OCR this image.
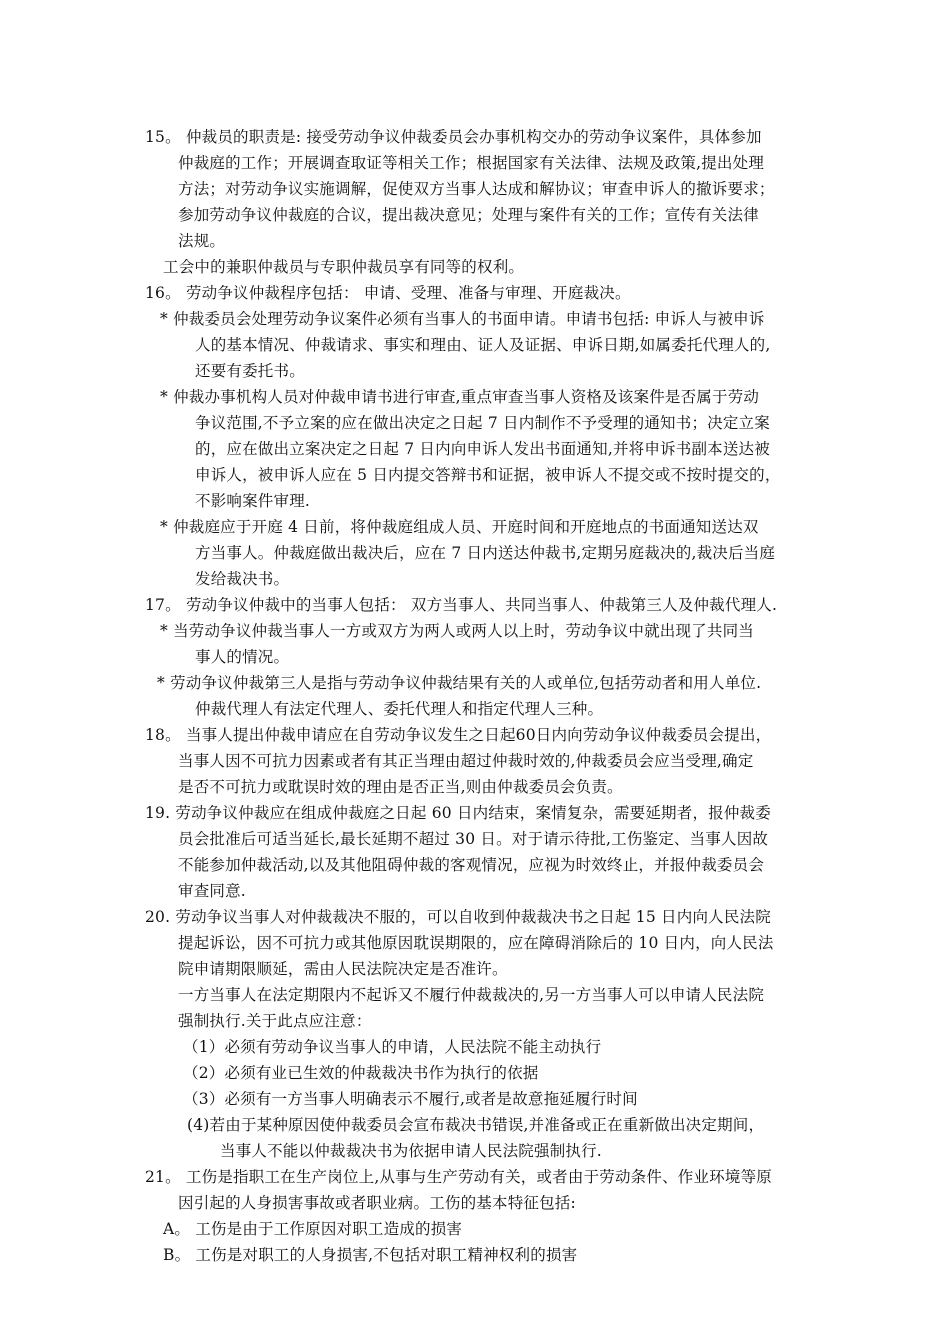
15。 仲裁员的职责是: 接受劳动争议仲裁委员会办事机构交办的劳动争议案件，具体参加
仲裁庭的工作；开展调查取证等相关工作；根据国家有关法律、法规及政策,提出处理
方法；对劳动争议实施调解，促使双方当事人达成和解协议；审查申诉人的撤诉要求；
参加劳动争议仲裁庭的合议，提出裁决意见；处理与案件有关的工作；宣传有关法律
法规。
工会中的兼职仲裁员与专职仲裁员享有同等的权利。
16。 劳动争议仲裁程序包括： 申请、受理、准备与审理、开庭裁决。
* 仲裁委员会处理劳动争议案件必须有当事人的书面申请。申请书包括: 申诉人与被申诉
人的基本情况、仲裁请求、事实和理由、证人及证据、申诉日期,如属委托代理人的,
还要有委托书。
* 仲裁办事机构人员对仲裁申请书进行审查,重点审查当事人资格及该案件是否属于劳动
争议范围,不予立案的应在做出决定之日起 7 日内制作不予受理的通知书；决定立案
的，应在做出立案决定之日起 7 日内向申诉人发出书面通知,并将申诉书副本送达被
申诉人，被申诉人应在 5 日内提交答辩书和证据，被申诉人不提交或不按时提交的，
不影响案件审理.
* 仲裁庭应于开庭 4 日前，将仲裁庭组成人员、开庭时间和开庭地点的书面通知送达双
方当事人。仲裁庭做出裁决后，应在 7 日内送达仲裁书,定期另庭裁决的,裁决后当庭
发给裁决书。
17。 劳动争议仲裁中的当事人包括： 双方当事人、共同当事人、仲裁第三人及仲裁代理人.
* 当劳动争议仲裁当事人一方或双方为两人或两人以上时，劳动争议中就出现了共同当
事人的情况。
* 劳动争议仲裁第三人是指与劳动争议仲裁结果有关的人或单位,包括劳动者和用人单位.
仲裁代理人有法定代理人、委托代理人和指定代理人三种。
18。 当事人提出仲裁申请应在自劳动争议发生之日起60日内向劳动争议仲裁委员会提出，
当事人因不可抗力因素或者有其正当理由超过仲裁时效的,仲裁委员会应当受理,确定
是否不可抗力或耽误时效的理由是否正当,则由仲裁委员会负责。
19. 劳动争议仲裁应在组成仲裁庭之日起 60 日内结束，案情复杂，需要延期者，报仲裁委
员会批准后可适当延长,最长延期不超过 30 日。对于请示待批,工伤鉴定、当事人因故
不能参加仲裁活动,以及其他阻碍仲裁的客观情况，应视为时效终止，并报仲裁委员会
审查同意.
20. 劳动争议当事人对仲裁裁决不服的，可以自收到仲裁裁决书之日起 15 日内向人民法院
提起诉讼，因不可抗力或其他原因耽误期限的，应在障碍消除后的 10 日内，向人民法
院申请期限顺延，需由人民法院决定是否准许。
一方当事人在法定期限内不起诉又不履行仲裁裁决的,另一方当事人可以申请人民法院
强制执行.关于此点应注意：
（1）必须有劳动争议当事人的申请，人民法院不能主动执行
（2）必须有业已生效的仲裁裁决书作为执行的依据
（3）必须有一方当事人明确表示不履行,或者是故意拖延履行时间
(4)若由于某种原因使仲裁委员会宣布裁决书错误,并准备或正在重新做出决定期间，
当事人不能以仲裁裁决书为依据申请人民法院强制执行.
21。 工伤是指职工在生产岗位上,从事与生产劳动有关，或者由于劳动条件、作业环境等原
因引起的人身损害事故或者职业病。工伤的基本特征包括:
A。 工伤是由于工作原因对职工造成的损害
B。 工伤是对职工的人身损害,不包括对职工精神权利的损害
